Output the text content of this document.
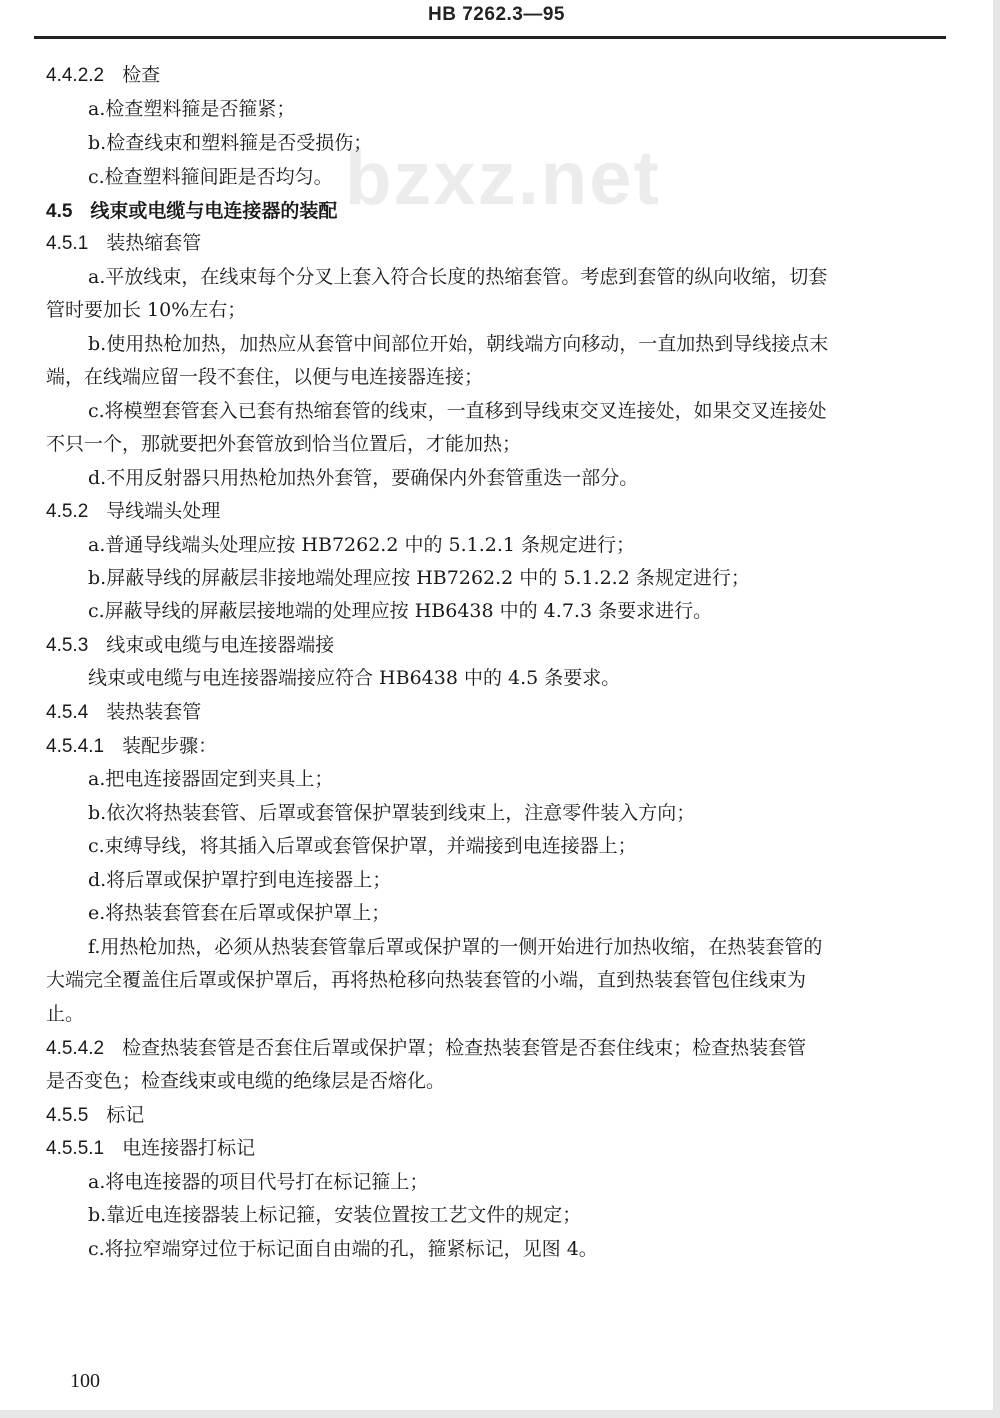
HB 7262.3—95
bzxz.net
4.4.2.2 检查
a.检查塑料箍是否箍紧；
b.检查线束和塑料箍是否受损伤；
c.检查塑料箍间距是否均匀。
4.5 线束或电缆与电连接器的装配
4.5.1 装热缩套管
a.平放线束，在线束每个分叉上套入符合长度的热缩套管。考虑到套管的纵向收缩，切套
管时要加长 10%左右；
b.使用热枪加热，加热应从套管中间部位开始，朝线端方向移动，一直加热到导线接点末
端，在线端应留一段不套住，以便与电连接器连接；
c.将模塑套管套入已套有热缩套管的线束，一直移到导线束交叉连接处，如果交叉连接处
不只一个，那就要把外套管放到恰当位置后，才能加热；
d.不用反射器只用热枪加热外套管，要确保内外套管重迭一部分。
4.5.2 导线端头处理
a.普通导线端头处理应按 HB7262.2 中的 5.1.2.1 条规定进行；
b.屏蔽导线的屏蔽层非接地端处理应按 HB7262.2 中的 5.1.2.2 条规定进行；
c.屏蔽导线的屏蔽层接地端的处理应按 HB6438 中的 4.7.3 条要求进行。
4.5.3 线束或电缆与电连接器端接
线束或电缆与电连接器端接应符合 HB6438 中的 4.5 条要求。
4.5.4 装热装套管
4.5.4.1 装配步骤：
a.把电连接器固定到夹具上；
b.依次将热装套管、后罩或套管保护罩装到线束上，注意零件装入方向；
c.束缚导线，将其插入后罩或套管保护罩，并端接到电连接器上；
d.将后罩或保护罩拧到电连接器上；
e.将热装套管套在后罩或保护罩上；
f.用热枪加热，必须从热装套管靠后罩或保护罩的一侧开始进行加热收缩，在热装套管的
大端完全覆盖住后罩或保护罩后，再将热枪移向热装套管的小端，直到热装套管包住线束为
止。
4.5.4.2 检查热装套管是否套住后罩或保护罩；检查热装套管是否套住线束；检查热装套管
是否变色；检查线束或电缆的绝缘层是否熔化。
4.5.5 标记
4.5.5.1 电连接器打标记
a.将电连接器的项目代号打在标记箍上；
b.靠近电连接器装上标记箍，安装位置按工艺文件的规定；
c.将拉窄端穿过位于标记面自由端的孔，箍紧标记，见图 4。
100
